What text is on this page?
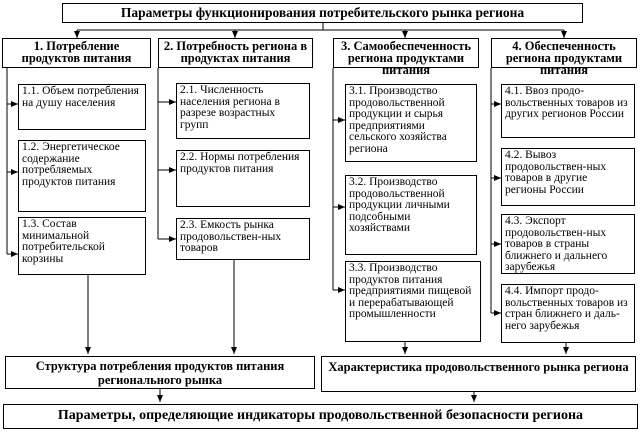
Параметры функционирования потребительского рынка региона
1. Потребление продуктов питания
2. Потребность региона в продуктах питания
3. Самообеспеченность региона продуктами питания
4. Обеспеченность региона продуктами питания
1.1. Объем потребления на душу населения
1.2. Энергетическое содержание потребляемых продуктов питания
1.3. Состав минимальной потребительской корзины
2.1. Численность населения региона в разрезе возрастных групп
2.2. Нормы потребления продуктов питания
2.3. Емкость рынка продовольствен-ных товаров
3.1. Производство продовольственной продукции и сырья предприятиями сельского хозяйства региона
3.2. Производство продовольственной продукции личными подсобными хозяйствами
3.3. Производство продуктов питания предприятиями пищевой и перерабатывающей промышленности
4.1. Ввоз продо-вольственных товаров из других регионов России
4.2. Вывоз продовольствен-ных товаров в другие регионы России
4.3. Экспорт продовольствен-ных товаров в страны ближнего и дальнего зарубежья
4.4. Импорт продо-вольственных товаров из стран ближнего и даль-него зарубежья
Структура потребления продуктов питания регионального рынка
Характеристика продовольственного рынка региона
Параметры, определяющие индикаторы продовольственной безопасности региона
